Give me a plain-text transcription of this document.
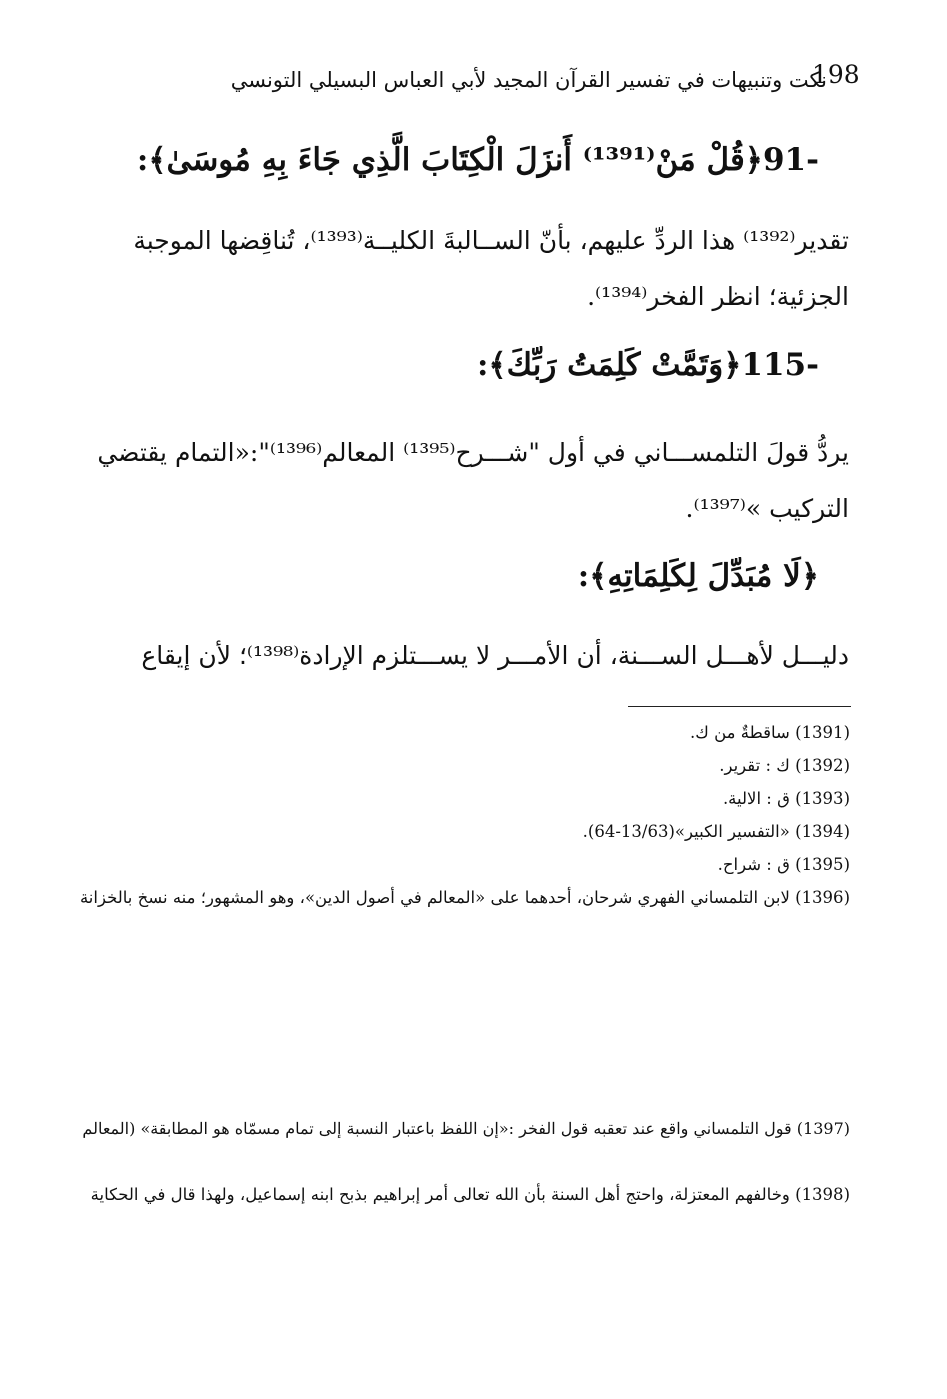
198
نكت وتنبيهات في تفسير القرآن المجيد لأبي العباس البسيلي التونسي
91-﴿قُلْ مَنْ⁽¹³⁹¹⁾ أَنزَلَ الْكِتَابَ الَّذِي جَاءَ بِهِ مُوسَىٰ﴾:
تقدير⁽¹³⁹²⁾ هذا الردِّ عليهم، بأنّ الســالبةَ الكليــة⁽¹³⁹³⁾، تُناقِضها الموجبة
الجزئية؛ انظر الفخر⁽¹³⁹⁴⁾.
115-﴿وَتَمَّتْ كَلِمَتُ رَبِّكَ﴾:
يردُّ قولَ التلمســـاني في أول "شـــرح⁽¹³⁹⁵⁾ المعالم⁽¹³⁹⁶⁾":«التمام يقتضي
التركيب »⁽¹³⁹⁷⁾.
﴿لَا مُبَدِّلَ لِكَلِمَاتِهِ﴾:
دليـــل لأهـــل الســـنة، أن الأمـــر لا يســـتلزم الإرادة⁽¹³⁹⁸⁾؛ لأن إيقاع
(1391) ساقطةٌ من ك.
(1392) ك : تقرير.
(1393) ق : الالية.
(1394) «التفسير الكبير»(13/63-64).
(1395) ق : شراح.
(1396) لابن التلمساني الفهري شرحان، أحدهما على «المعالم في أصول الدين»، وهو المشهور؛ منه نسخ بالخزانة
(1397) قول التلمساني واقع عند تعقبه قول الفخر :«إن اللفظ باعتبار النسبة إلى تمام مسمّاه هو المطابقة» (المعالم
(1398) وخالفهم المعتزلة، واحتج أهل السنة بأن الله تعالى أمر إبراهيم بذبح ابنه إسماعيل، ولهذا قال في الحكاية
